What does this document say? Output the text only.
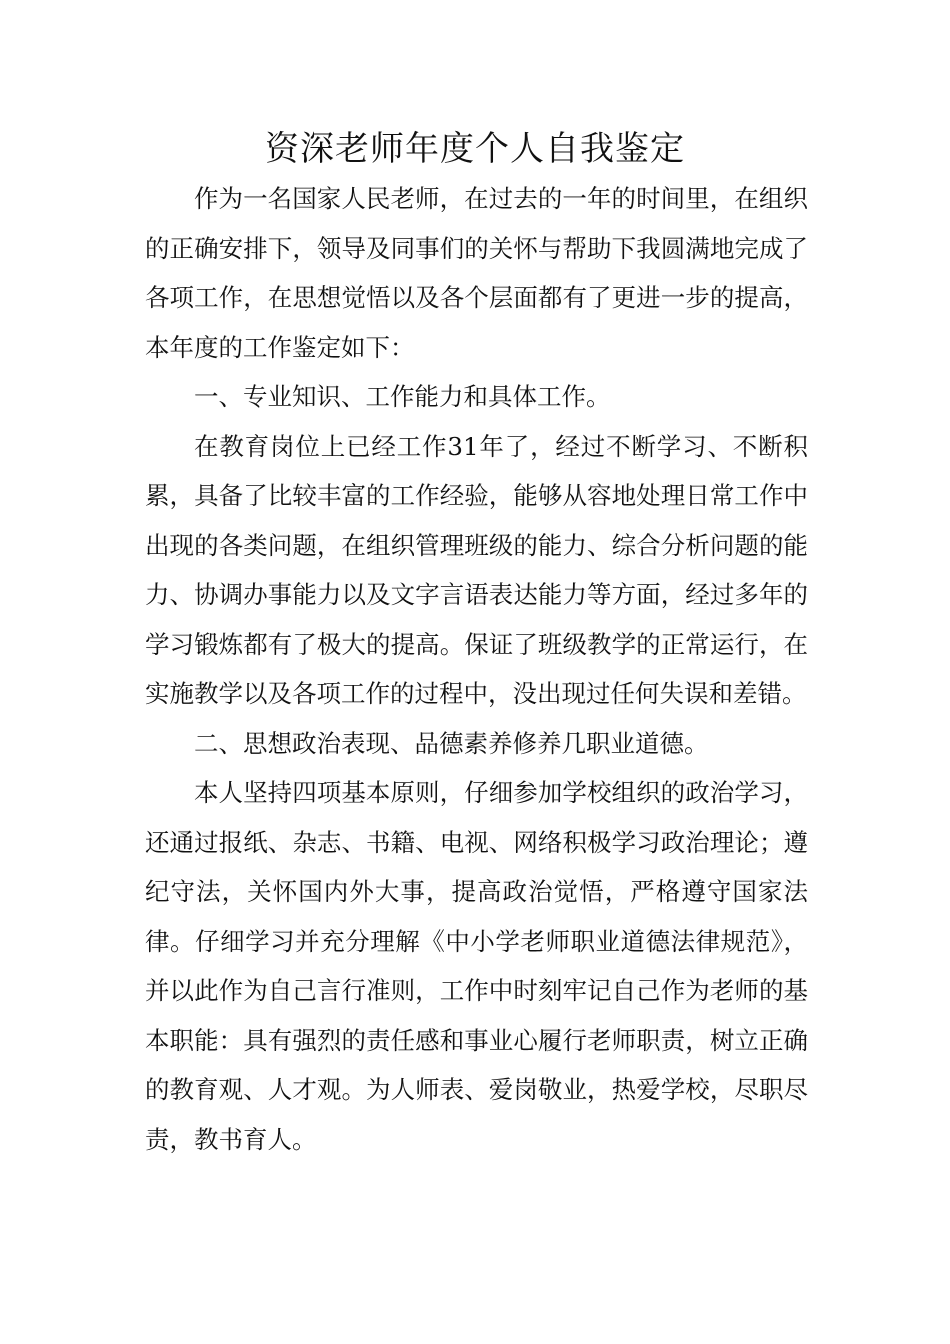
资深老师年度个人自我鉴定

作为一名国家人民老师，在过去的一年的时间里，在组织的正确安排下，领导及同事们的关怀与帮助下我圆满地完成了各项工作，在思想觉悟以及各个层面都有了更进一步的提高，本年度的工作鉴定如下：

一、专业知识、工作能力和具体工作。

在教育岗位上已经工作31年了，经过不断学习、不断积累，具备了比较丰富的工作经验，能够从容地处理日常工作中出现的各类问题，在组织管理班级的能力、综合分析问题的能力、协调办事能力以及文字言语表达能力等方面，经过多年的学习锻炼都有了极大的提高。保证了班级教学的正常运行，在实施教学以及各项工作的过程中，没出现过任何失误和差错。

二、思想政治表现、品德素养修养几职业道德。

本人坚持四项基本原则，仔细参加学校组织的政治学习，还通过报纸、杂志、书籍、电视、网络积极学习政治理论；遵纪守法，关怀国内外大事，提高政治觉悟，严格遵守国家法律。仔细学习并充分理解《中小学老师职业道德法律规范》，并以此作为自己言行准则，工作中时刻牢记自己作为老师的基本职能：具有强烈的责任感和事业心履行老师职责，树立正确的教育观、人才观。为人师表、爱岗敬业，热爱学校，尽职尽责，教书育人。
